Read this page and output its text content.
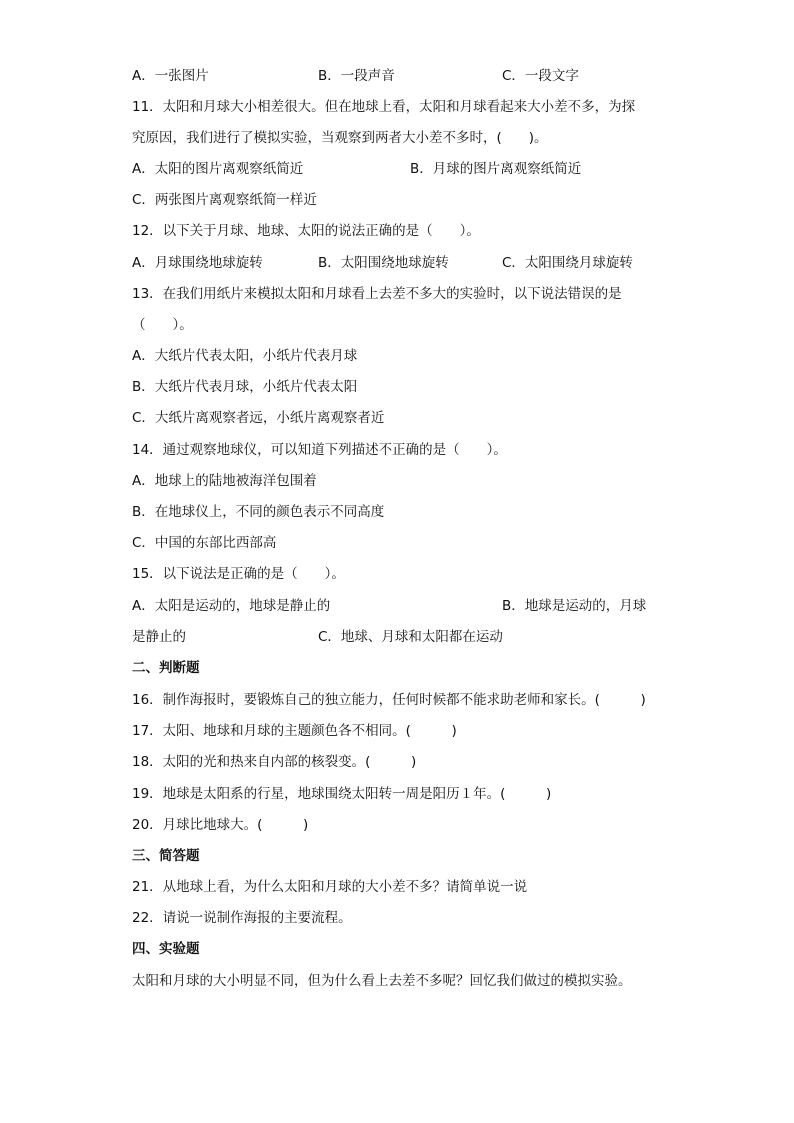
A．一张图片	B．一段声音	C．一段文字
11．太阳和月球大小相差很大。但在地球上看，太阳和月球看起来大小差不多，为探
究原因，我们进行了模拟实验，当观察到两者大小差不多时，(　　)。
A．太阳的图片离观察纸简近	B．月球的图片离观察纸简近
C．两张图片离观察纸简一样近
12．以下关于月球、地球、太阳的说法正确的是（　　）。
A．月球围绕地球旋转	B．太阳围绕地球旋转	C．太阳围绕月球旋转
13．在我们用纸片来模拟太阳和月球看上去差不多大的实验时，以下说法错误的是
（　　）。
A．大纸片代表太阳，小纸片代表月球
B．大纸片代表月球，小纸片代表太阳
C．大纸片离观察者远，小纸片离观察者近
14．通过观察地球仪，可以知道下列描述不正确的是（　　）。
A．地球上的陆地被海洋包围着
B．在地球仪上，不同的颜色表示不同高度
C．中国的东部比西部高
15．以下说法是正确的是（　　）。
A．太阳是运动的，地球是静止的	B．地球是运动的，月球
是静止的	C．地球、月球和太阳都在运动
二、判断题
16．制作海报时，要锻炼自己的独立能力，任何时候都不能求助老师和家长。(　　　)
17．太阳、地球和月球的主题颜色各不相同。(　　　)
18．太阳的光和热来自内部的核裂变。(　　　)
19．地球是太阳系的行星，地球围绕太阳转一周是阳历１年。(　　　)
20．月球比地球大。(　　　)
三、简答题
21．从地球上看，为什么太阳和月球的大小差不多？请简单说一说
22．请说一说制作海报的主要流程。
四、实验题
太阳和月球的大小明显不同，但为什么看上去差不多呢？回忆我们做过的模拟实验。
